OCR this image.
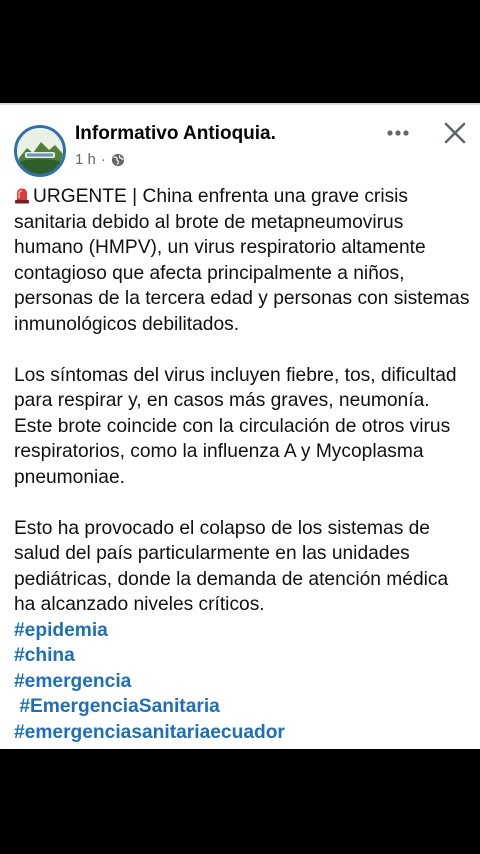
Informativo Antioquia.
1 h ·

URGENTE | China enfrenta una grave crisis sanitaria debido al brote de metapneumovirus humano (HMPV), un virus respiratorio altamente contagioso que afecta principalmente a niños, personas de la tercera edad y personas con sistemas inmunológicos debilitados.

Los síntomas del virus incluyen fiebre, tos, dificultad para respirar y, en casos más graves, neumonía. Este brote coincide con la circulación de otros virus respiratorios, como la influenza A y Mycoplasma pneumoniae.

Esto ha provocado el colapso de los sistemas de salud del país particularmente en las unidades pediátricas, donde la demanda de atención médica ha alcanzado niveles críticos.

#epidemia
#china
#emergencia
#EmergenciaSanitaria
#emergenciasanitariaecuador
